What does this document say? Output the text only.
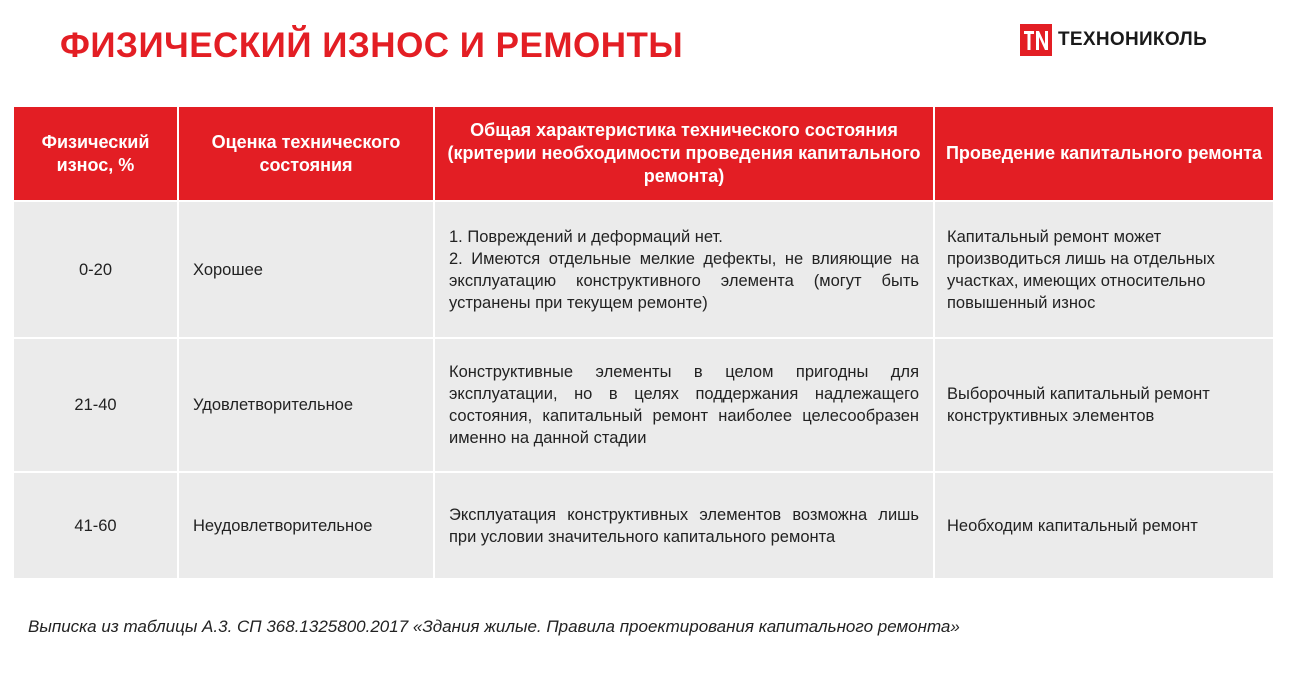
ФИЗИЧЕСКИЙ ИЗНОС И РЕМОНТЫ	ТЕХНОНИКОЛЬ
Физический износ, %	Оценка технического состояния	Общая характеристика технического состояния (критерии необходимости проведения капитального ремонта)	Проведение капитального ремонта
0-20	Хорошее	1. Повреждений и деформаций нет.
2. Имеются отдельные мелкие дефекты, не влияющие на эксплуатацию конструктивного элемента (могут быть устранены при текущем ремонте)	Капитальный ремонт может производиться лишь на отдельных участках, имеющих относительно повышенный износ
21-40	Удовлетворительное	Конструктивные элементы в целом пригодны для эксплуатации, но в целях поддержания надлежащего состояния, капитальный ремонт наиболее целесообразен именно на данной стадии	Выборочный капитальный ремонт конструктивных элементов
41-60	Неудовлетворительное	Эксплуатация конструктивных элементов возможна лишь при условии значительного капитального ремонта	Необходим капитальный ремонт
Выписка из таблицы А.3. СП 368.1325800.2017 «Здания жилые. Правила проектирования капитального ремонта»
